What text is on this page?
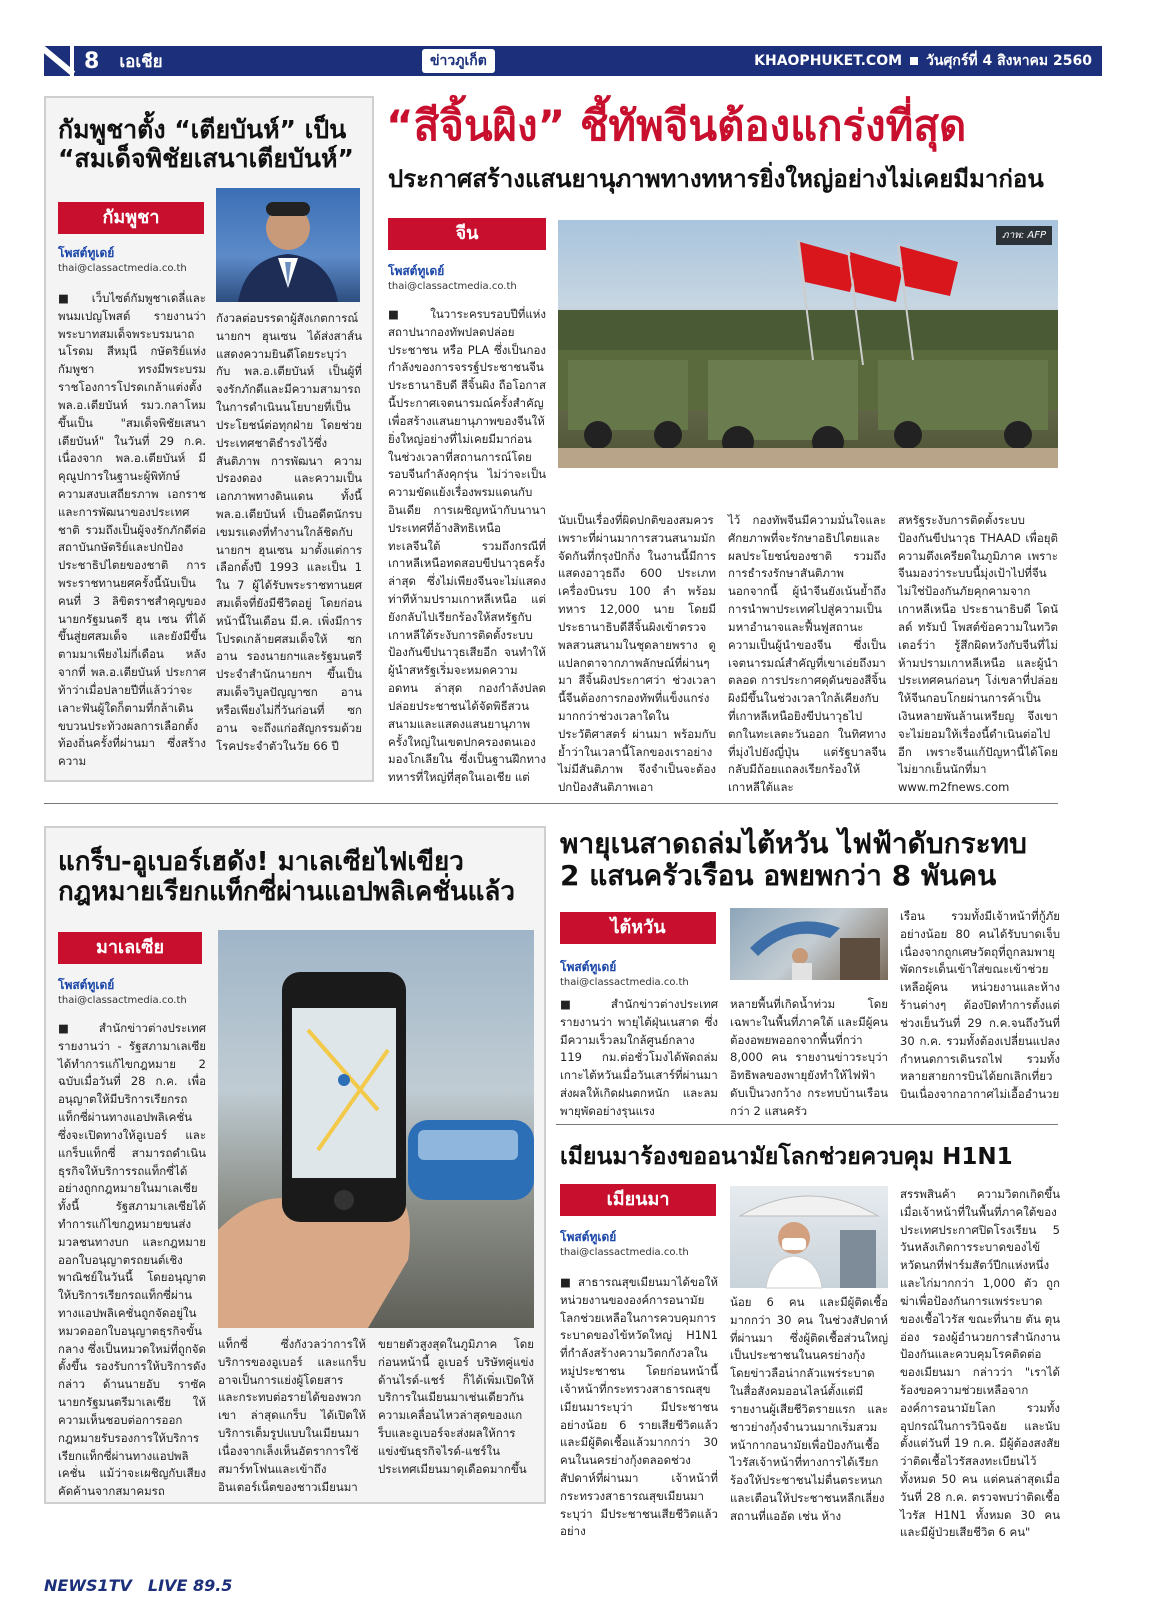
8 เอเชีย	ข่าวภูเก็ต	KHAOPHUKET.COM วันศุกร์ที่ 4 สิงหาคม 2560
กัมพูชาตั้ง “เตียบันห์” เป็น
“สมเด็จพิชัยเสนาเตียบันห์”
กัมพูชา
โพสต์ทูเดย์
thai@classactmedia.co.th
■ เว็บไซต์กัมพูชาเดลี่และพนมเปญโพสต์ รายงานว่า พระบาทสมเด็จพระบรมนาถนโรดม สีหมุนี กษัตริย์แห่งกัมพูชา ทรงมีพระบรมราชโองการโปรดเกล้าแต่งตั้ง พล.อ.เตียบันห์ รมว.กลาโหม ขึ้นเป็น "สมเด็จพิชัยเสนาเตียบันห์" ในวันที่ 29 ก.ค. เนื่องจาก พล.อ.เตียบันห์ มีคุณูปการในฐานะผู้พิทักษ์ความสงบเสถียรภาพ เอกราช และการพัฒนาของประเทศชาติ รวมถึงเป็นผู้จงรักภักดีต่อสถาบันกษัตริย์และปกป้องประชาธิปไตยของชาติ การพระราชทานยศครั้งนี้นับเป็นคนที่ 3 ลิขิตราชสำคุญของนายกรัฐมนตรี ฮุน เซน ที่ได้ขึ้นสู่ยศสมเด็จ และยังมีขึ้นตามมาเพียงไม่กี่เดือน หลังจากที่ พล.อ.เตียบันห์ ประกาศท้าว่าเมื่อปลายปีที่แล้วว่าจะเลาะฟันผู้ใดก็ตามที่กล้าเดินขบวนประท้วงผลการเลือกตั้งท้องถิ่นครั้งที่ผ่านมา ซึ่งสร้างความ
กังวลต่อบรรดาผู้สังเกตการณ์ นายกฯ ฮุนเซน ได้ส่งสาส์นแสดงความยินดีโดยระบุว่า กับ พล.อ.เตียบันห์ เป็นผู้ที่จงรักภักดีและมีความสามารถในการดำเนินนโยบายที่เป็นประโยชน์ต่อทุกฝ่าย โดยช่วยประเทศชาติธำรงไว้ซึ่งสันติภาพ การพัฒนา ความปรองดอง และความเป็นเอกภาพทางดินแดน ทั้งนี้ พล.อ.เตียบันห์ เป็นอดีตนักรบเขมรแดงที่ทำงานใกล้ชิดกับนายกฯ ฮุนเซน มาตั้งแต่การเลือกตั้งปี 1993 และเป็น 1 ใน 7 ผู้ได้รับพระราชทานยศสมเด็จที่ยังมีชีวิตอยู่ โดยก่อนหน้านี้ในเดือน มี.ค. เพิ่งมีการโปรดเกล้ายศสมเด็จให้ ซก อาน รองนายกฯและรัฐมนตรีประจำสำนักนายกฯ ขึ้นเป็นสมเด็จวิบูลปัญญาซก อาน หรือเพียงไม่กี่วันก่อนที่ ซก อาน จะถึงแก่อสัญกรรมด้วยโรคประจำตัวในวัย 66 ปี
“สีจิ้นผิง” ชี้ทัพจีนต้องแกร่งที่สุด
ประกาศสร้างแสนยานุภาพทางทหารยิ่งใหญ่อย่างไม่เคยมีมาก่อน
จีน
โพสต์ทูเดย์
thai@classactmedia.co.th
ภาพ: AFP
■ ในวาระครบรอบปีที่แห่งสถาปนากองทัพปลดปล่อยประชาชน หรือ PLA ซึ่งเป็นกองกำลังของการจรรฐ์ประชาชนจีน ประธานาธิบดี สีจิ้นผิง ถือโอกาสนี้ประกาศเจตนารมณ์ครั้งสำคัญเพื่อสร้างแสนยานุภาพของจีนให้ยิ่งใหญ่อย่างที่ไม่เคยมีมาก่อน ในช่วงเวลาที่สถานการณ์โดยรอบจีนกำลังคุกรุ่น ไม่ว่าจะเป็นความขัดแย้งเรื่องพรมแดนกับอินเดีย การเผชิญหน้ากับนานาประเทศที่อ้างสิทธิเหนือทะเลจีนใต้ รวมถึงกรณีที่เกาหลีเหนือทดสอบขีปนาวุธครั้งล่าสุด ซึ่งไม่เพียงจีนจะไม่แสดงท่าทีห้ามปรามเกาหลีเหนือ แต่ยังกลับไปเรียกร้องให้สหรัฐกับเกาหลีใต้ระงับการติดตั้งระบบป้องกันขีปนาวุธเสียอีก จนทำให้ผู้นำสหรัฐเริ่มจะหมดความอดทน ล่าสุด กองกำลังปลดปล่อยประชาชนได้จัดพิธีสวนสนามและแสดงแสนยานุภาพครั้งใหญ่ในเขตปกครองตนเองมองโกเลียใน ซึ่งเป็นฐานฝึกทางทหารที่ใหญ่ที่สุดในเอเชีย แต่
นับเป็นเรื่องที่ผิดปกติของสมควรเพราะที่ผ่านมาการสวนสนามมักจัดกันที่กรุงปักกิ่ง ในงานนี้มีการแสดงอาวุธถึง 600 ประเภท เครื่องบินรบ 100 ลำ พร้อมทหาร 12,000 นาย โดยมีประธานาธิบดีสีจิ้นผิงเข้าตรวจพลสวนสนามในชุดลายพราง ดูแปลกตาจากภาพลักษณ์ที่ผ่านๆ มา สีจิ้นผิงประกาศว่า ช่วงเวลานี้จีนต้องการกองทัพที่แข็งแกร่งมากกว่าช่วงเวลาใดในประวัติศาสตร์ ผ่านมา พร้อมกับย้ำว่าในเวลานี้โลกของเราอย่างไม่มีสันติภาพ จึงจำเป็นจะต้องปกป้องสันติภาพเอา
ไว้ กองทัพจีนมีความมั่นใจและศักยภาพที่จะรักษาอธิปไตยและผลประโยชน์ของชาติ รวมถึงการธำรงรักษาสันติภาพ นอกจากนี้ ผู้นำจีนยังเน้นย้ำถึงการนำพาประเทศไปสู่ความเป็นมหาอำนาจและฟื้นฟูสถานะความเป็นผู้นำของจีน ซึ่งเป็นเจตนารมณ์สำคัญที่เขาเอ่ยถึงมาตลอด การประกาศดุดันของสีจิ้นผิงมีขึ้นในช่วงเวลาใกล้เคียงกับที่เกาหลีเหนือยิงขีปนาวุธไปตกในทะเลตะวันออก ในทิศทางที่มุ่งไปยังญี่ปุ่น แต่รัฐบาลจีนกลับมีถ้อยแถลงเรียกร้องให้เกาหลีใต้และ
สหรัฐระงับการติดตั้งระบบป้องกันขีปนาวุธ THAAD เพื่อยุติความตึงเครียดในภูมิภาค เพราะจีนมองว่าระบบนี้มุ่งเป้าไปที่จีน ไม่ใช่ป้องกันภัยคุกคามจากเกาหลีเหนือ ประธานาธิบดี โดนัลด์ ทรัมป์ โพสต์ข้อความในทวิตเตอร์ว่า รู้สึกผิดหวังกับจีนที่ไม่ห้ามปรามเกาหลีเหนือ และผู้นำประเทศคนก่อนๆ โง่เขลาที่ปล่อยให้จีนกอบโกยผ่านการค้าเป็นเงินหลายพันล้านเหรียญ จึงเขาจะไม่ยอมให้เรื่องนี้ดำเนินต่อไปอีก เพราะจีนแก้ปัญหานี้ได้โดยไม่ยากเย็นนักที่มา www.m2fnews.com
แกร็บ-อูเบอร์เฮดัง! มาเลเซียไฟเขียว
กฎหมายเรียกแท็กซี่ผ่านแอปพลิเคชั่นแล้ว
มาเลเซีย
โพสต์ทูเดย์
thai@classactmedia.co.th
■ สำนักข่าวต่างประเทศรายงานว่า - รัฐสภามาเลเซียได้ทำการแก้ไขกฎหมาย 2 ฉบับเมื่อวันที่ 28 ก.ค. เพื่ออนุญาตให้มีบริการเรียกรถแท็กซี่ผ่านทางแอปพลิเคชั่น ซึ่งจะเปิดทางให้อูเบอร์ และ แกร็บแท็กซี่ สามารถดำเนินธุรกิจให้บริการรถแท็กซี่ได้อย่างถูกกฎหมายในมาเลเซีย ทั้งนี้ รัฐสภามาเลเซียได้ทำการแก้ไขกฎหมายขนส่งมวลชนทางบก และกฎหมายออกใบอนุญาตรถยนต์เชิงพาณิชย์ในวันนี้ โดยอนุญาตให้บริการเรียกรถแท็กซี่ผ่านทางแอปพลิเคชั่นถูกจัดอยู่ในหมวดออกใบอนุญาตธุรกิจขั้นกลาง ซึ่งเป็นหมวดใหม่ที่ถูกจัดตั้งขึ้น รองรับการให้บริการดังกล่าว ด้านนายอับ ราซัค นายกรัฐมนตรีมาเลเซีย ให้ความเห็นชอบต่อการออกกฎหมายรับรองการให้บริการเรียกแท็กซี่ผ่านทางแอปพลิเคชั่น แม้ว่าจะเผชิญกับเสียงคัดค้านจากสมาคมรถ
แท็กซี่ ซึ่งกังวลว่าการให้บริการของอูเบอร์ และแกร็บ อาจเป็นการแย่งผู้โดยสาร และกระทบต่อรายได้ของพวกเขา ล่าสุดแกร็บ ได้เปิดให้บริการเต็มรูปแบบในเมียนมา เนื่องจากเล็งเห็นอัตราการใช้สมาร์ทโฟนและเข้าถึงอินเตอร์เน็ตของชาวเมียนมา
ขยายตัวสูงสุดในภูมิภาค โดยก่อนหน้านี้ อูเบอร์ บริษัทคู่แข่งด้านไรด์-แชร์ ก็ได้เพิ่มเปิดให้บริการในเมียนมาเช่นเดียวกัน ความเคลื่อนไหวล่าสุดของแกร็บและอูเบอร์จะส่งผลให้การแข่งขันธุรกิจไรด์-แชร์ในประเทศเมียนมาดุเดือดมากขึ้น
พายุเนสาดถล่มไต้หวัน ไฟฟ้าดับกระทบ
2 แสนครัวเรือน อพยพกว่า 8 พันคน
ไต้หวัน
โพสต์ทูเดย์
thai@classactmedia.co.th
■ สำนักข่าวต่างประเทศรายงานว่า พายุไต้ฝุ่นเนสาด ซึ่งมีความเร็วลมใกล้ศูนย์กลาง 119 กม.ต่อชั่วโมงได้พัดถล่มเกาะไต้หวันเมื่อวันเสาร์ที่ผ่านมา ส่งผลให้เกิดฝนตกหนัก และลมพายุพัดอย่างรุนแรง
หลายพื้นที่เกิดน้ำท่วม โดยเฉพาะในพื้นที่ภาคใต้ และมีผู้คนต้องอพยพออกจากพื้นที่กว่า 8,000 คน รายงานข่าวระบุว่าอิทธิพลของพายุยังทำให้ไฟฟ้าดับเป็นวงกว้าง กระทบบ้านเรือนกว่า 2 แสนครัว
เรือน รวมทั้งมีเจ้าหน้าที่กู้ภัยอย่างน้อย 80 คนได้รับบาดเจ็บเนื่องจากถูกเศษวัตถุที่ถูกลมพายุพัดกระเด็นเข้าใส่ขณะเข้าช่วยเหลือผู้คน หน่วยงานและห้างร้านต่างๆ ต้องปิดทำการตั้งแต่ช่วงเย็นวันที่ 29 ก.ค.จนถึงวันที่ 30 ก.ค. รวมทั้งต้องเปลี่ยนแปลงกำหนดการเดินรถไฟ รวมทั้งหลายสายการบินได้ยกเลิกเที่ยวบินเนื่องจากอากาศไม่เอื้ออำนวย
เมียนมาร้องขออนามัยโลกช่วยควบคุม H1N1
เมียนมา
โพสต์ทูเดย์
thai@classactmedia.co.th
■ สาธารณสุขเมียนมาได้ขอให้หน่วยงานขององค์การอนามัยโลกช่วยเหลือในการควบคุมการระบาดของไข้หวัดใหญ่ H1N1 ที่กำลังสร้างความวิตกกังวลในหมู่ประชาชน โดยก่อนหน้านี้ เจ้าหน้าที่กระทรวงสาธารณสุขเมียนมาระบุว่า มีประชาชนอย่างน้อย 6 รายเสียชีวิตแล้ว และมีผู้ติดเชื้อแล้วมากกว่า 30 คนในนครย่างกุ้งตลอดช่วงสัปดาห์ที่ผ่านมา เจ้าหน้าที่กระทรวงสาธารณสุขเมียนมา ระบุว่า มีประชาชนเสียชีวิตแล้วอย่าง
น้อย 6 คน และมีผู้ติดเชื้อมากกว่า 30 คน ในช่วงสัปดาห์ที่ผ่านมา ซึ่งผู้ติดเชื้อส่วนใหญ่เป็นประชาชนในนครย่างกุ้ง โดยข่าวลือน่ากลัวแพร่ระบาดในสื่อสังคมออนไลน์ตั้งแต่มีรายงานผู้เสียชีวิตรายแรก และชาวย่างกุ้งจำนวนมากเริ่มสวมหน้ากากอนามัยเพื่อป้องกันเชื้อไวรัสเจ้าหน้าที่ทางการได้เรียกร้องให้ประชาชนไม่ตื่นตระหนก และเตือนให้ประชาชนหลีกเลี่ยงสถานที่แออัด เช่น ห้าง
สรรพสินค้า ความวิตกเกิดขึ้นเมื่อเจ้าหน้าที่ในพื้นที่ภาคใต้ของประเทศประกาศปิดโรงเรียน 5 วันหลังเกิดการระบาดของไข้หวัดนกที่ฟาร์มสัตว์ปีกแห่งหนึ่ง และไก่มากกว่า 1,000 ตัว ถูกฆ่าเพื่อป้องกันการแพร่ระบาดของเชื้อไวรัส ขณะที่นาย ตัน ตุน อ่อง รองผู้อำนวยการสำนักงานป้องกันและควบคุมโรคติดต่อของเมียนมา กล่าวว่า "เราได้ร้องขอความช่วยเหลือจากองค์การอนามัยโลก รวมทั้งอุปกรณ์ในการวินิจฉัย และนับตั้งแต่วันที่ 19 ก.ค. มีผู้ต้องสงสัยว่าติดเชื้อไวรัสลงทะเบียนไว้ทั้งหมด 50 คน แต่คนล่าสุดเมื่อวันที่ 28 ก.ค. ตรวจพบว่าติดเชื้อไวรัส H1N1 ทั้งหมด 30 คน และมีผู้ป่วยเสียชีวิต 6 คน"
NEWS1TV LIVE 89.5
